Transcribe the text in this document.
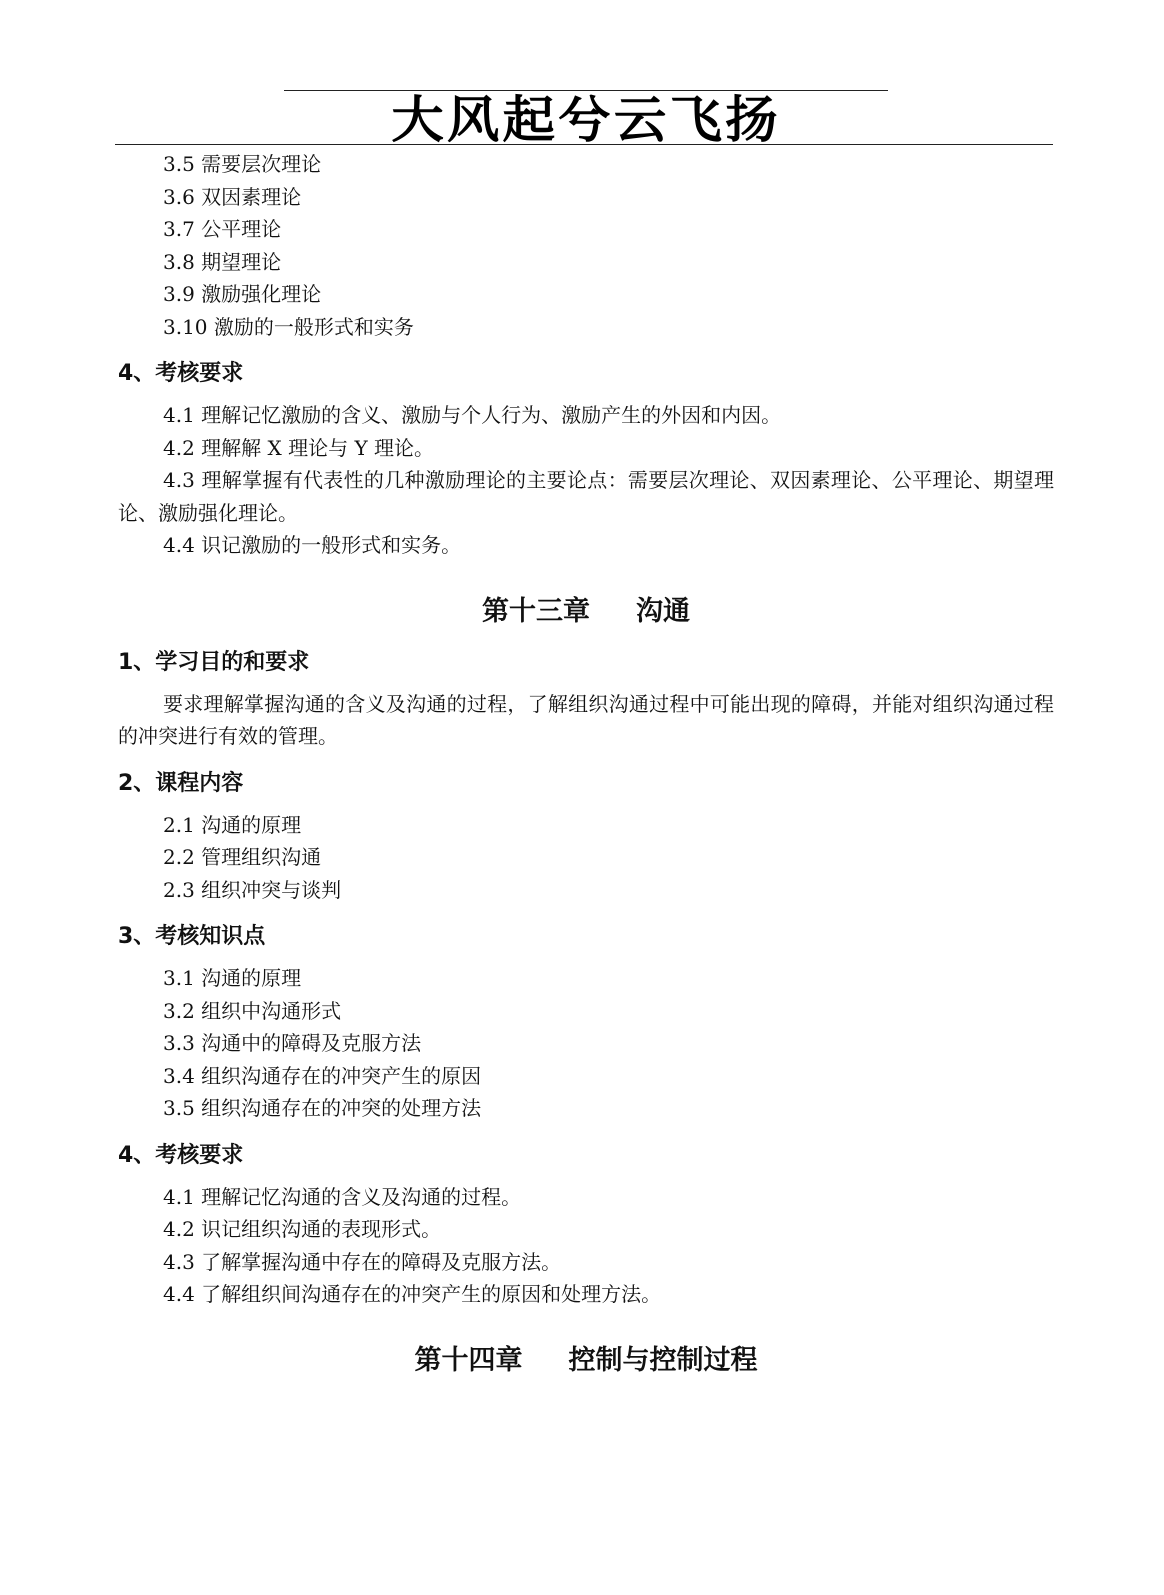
大风起兮云飞扬

3.5 需要层次理论

3.6 双因素理论

3.7 公平理论

3.8 期望理论

3.9 激励强化理论

3.10 激励的一般形式和实务

4、考核要求

4.1 理解记忆激励的含义、激励与个人行为、激励产生的外因和内因。

4.2 理解解 X 理论与 Y 理论。

4.3 理解掌握有代表性的几种激励理论的主要论点：需要层次理论、双因素理论、公平理论、期望理论、激励强化理论。

4.4 识记激励的一般形式和实务。

第十三章 沟通

1、学习目的和要求

要求理解掌握沟通的含义及沟通的过程，了解组织沟通过程中可能出现的障碍，并能对组织沟通过程的冲突进行有效的管理。

2、课程内容

2.1 沟通的原理

2.2 管理组织沟通

2.3 组织冲突与谈判

3、考核知识点

3.1 沟通的原理

3.2 组织中沟通形式

3.3 沟通中的障碍及克服方法

3.4 组织沟通存在的冲突产生的原因

3.5 组织沟通存在的冲突的处理方法

4、考核要求

4.1 理解记忆沟通的含义及沟通的过程。

4.2 识记组织沟通的表现形式。

4.3 了解掌握沟通中存在的障碍及克服方法。

4.4 了解组织间沟通存在的冲突产生的原因和处理方法。

第十四章 控制与控制过程
